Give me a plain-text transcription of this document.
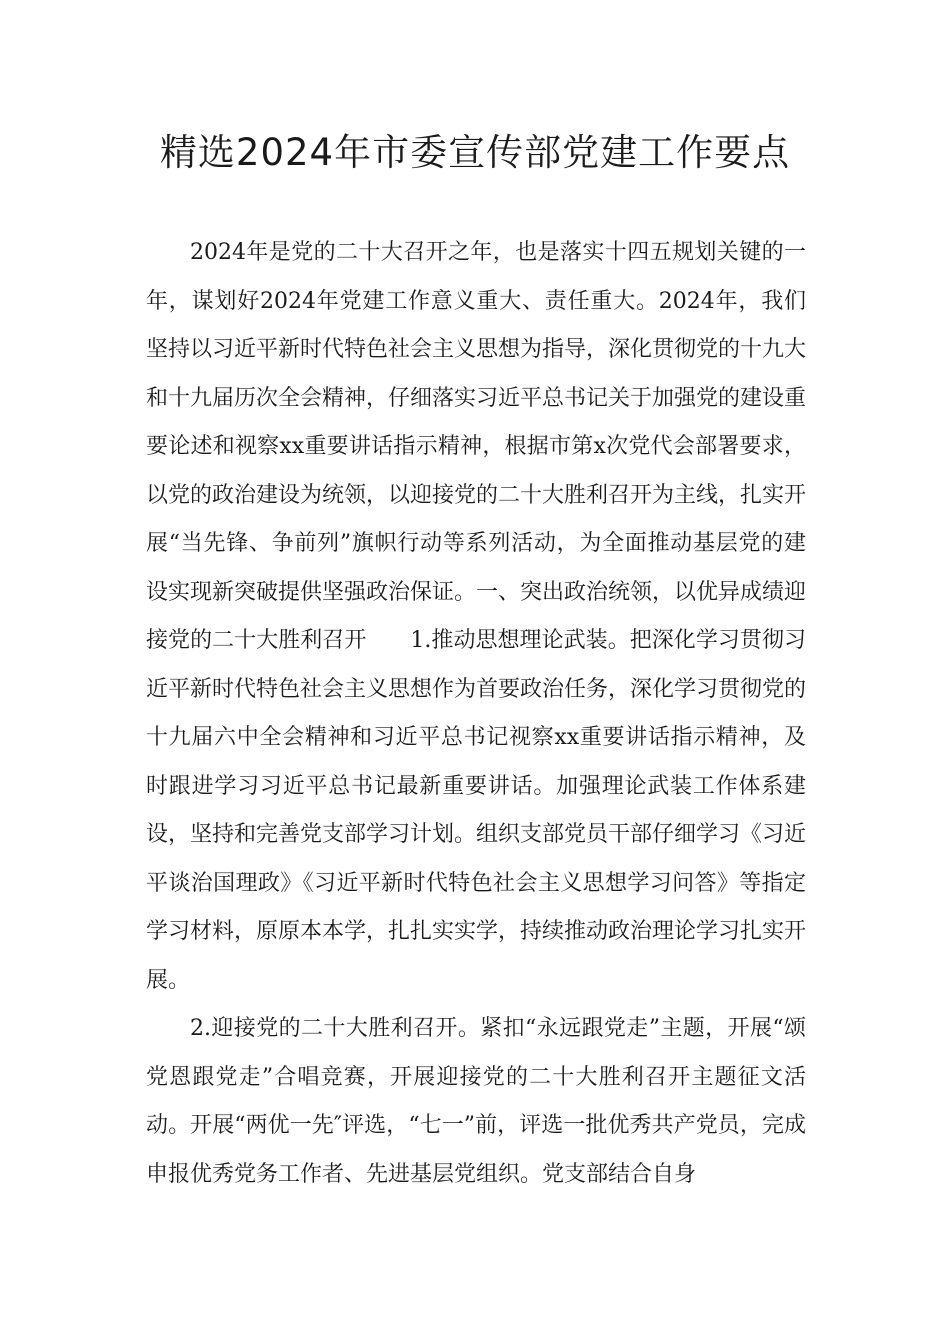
精选2024年市委宣传部党建工作要点

2024年是党的二十大召开之年，也是落实十四五规划关键的一年，谋划好2024年党建工作意义重大、责任重大。2024年，我们坚持以习近平新时代特色社会主义思想为指导，深化贯彻党的十九大和十九届历次全会精神，仔细落实习近平总书记关于加强党的建设重要论述和视察xx重要讲话指示精神，根据市第x次党代会部署要求，以党的政治建设为统领，以迎接党的二十大胜利召开为主线，扎实开展“当先锋、争前列”旗帜行动等系列活动，为全面推动基层党的建设实现新突破提供坚强政治保证。一、突出政治统领，以优异成绩迎接党的二十大胜利召开 1.推动思想理论武装。把深化学习贯彻习近平新时代特色社会主义思想作为首要政治任务，深化学习贯彻党的十九届六中全会精神和习近平总书记视察xx重要讲话指示精神，及时跟进学习习近平总书记最新重要讲话。加强理论武装工作体系建设，坚持和完善党支部学习计划。组织支部党员干部仔细学习《习近平谈治国理政》《习近平新时代特色社会主义思想学习问答》等指定学习材料，原原本本学，扎扎实实学，持续推动政治理论学习扎实开展。

2.迎接党的二十大胜利召开。紧扣“永远跟党走”主题，开展“颂党恩跟党走”合唱竞赛，开展迎接党的二十大胜利召开主题征文活动。开展“两优一先″评选，“七一”前，评选一批优秀共产党员，完成申报优秀党务工作者、先进基层党组织。党支部结合自身
